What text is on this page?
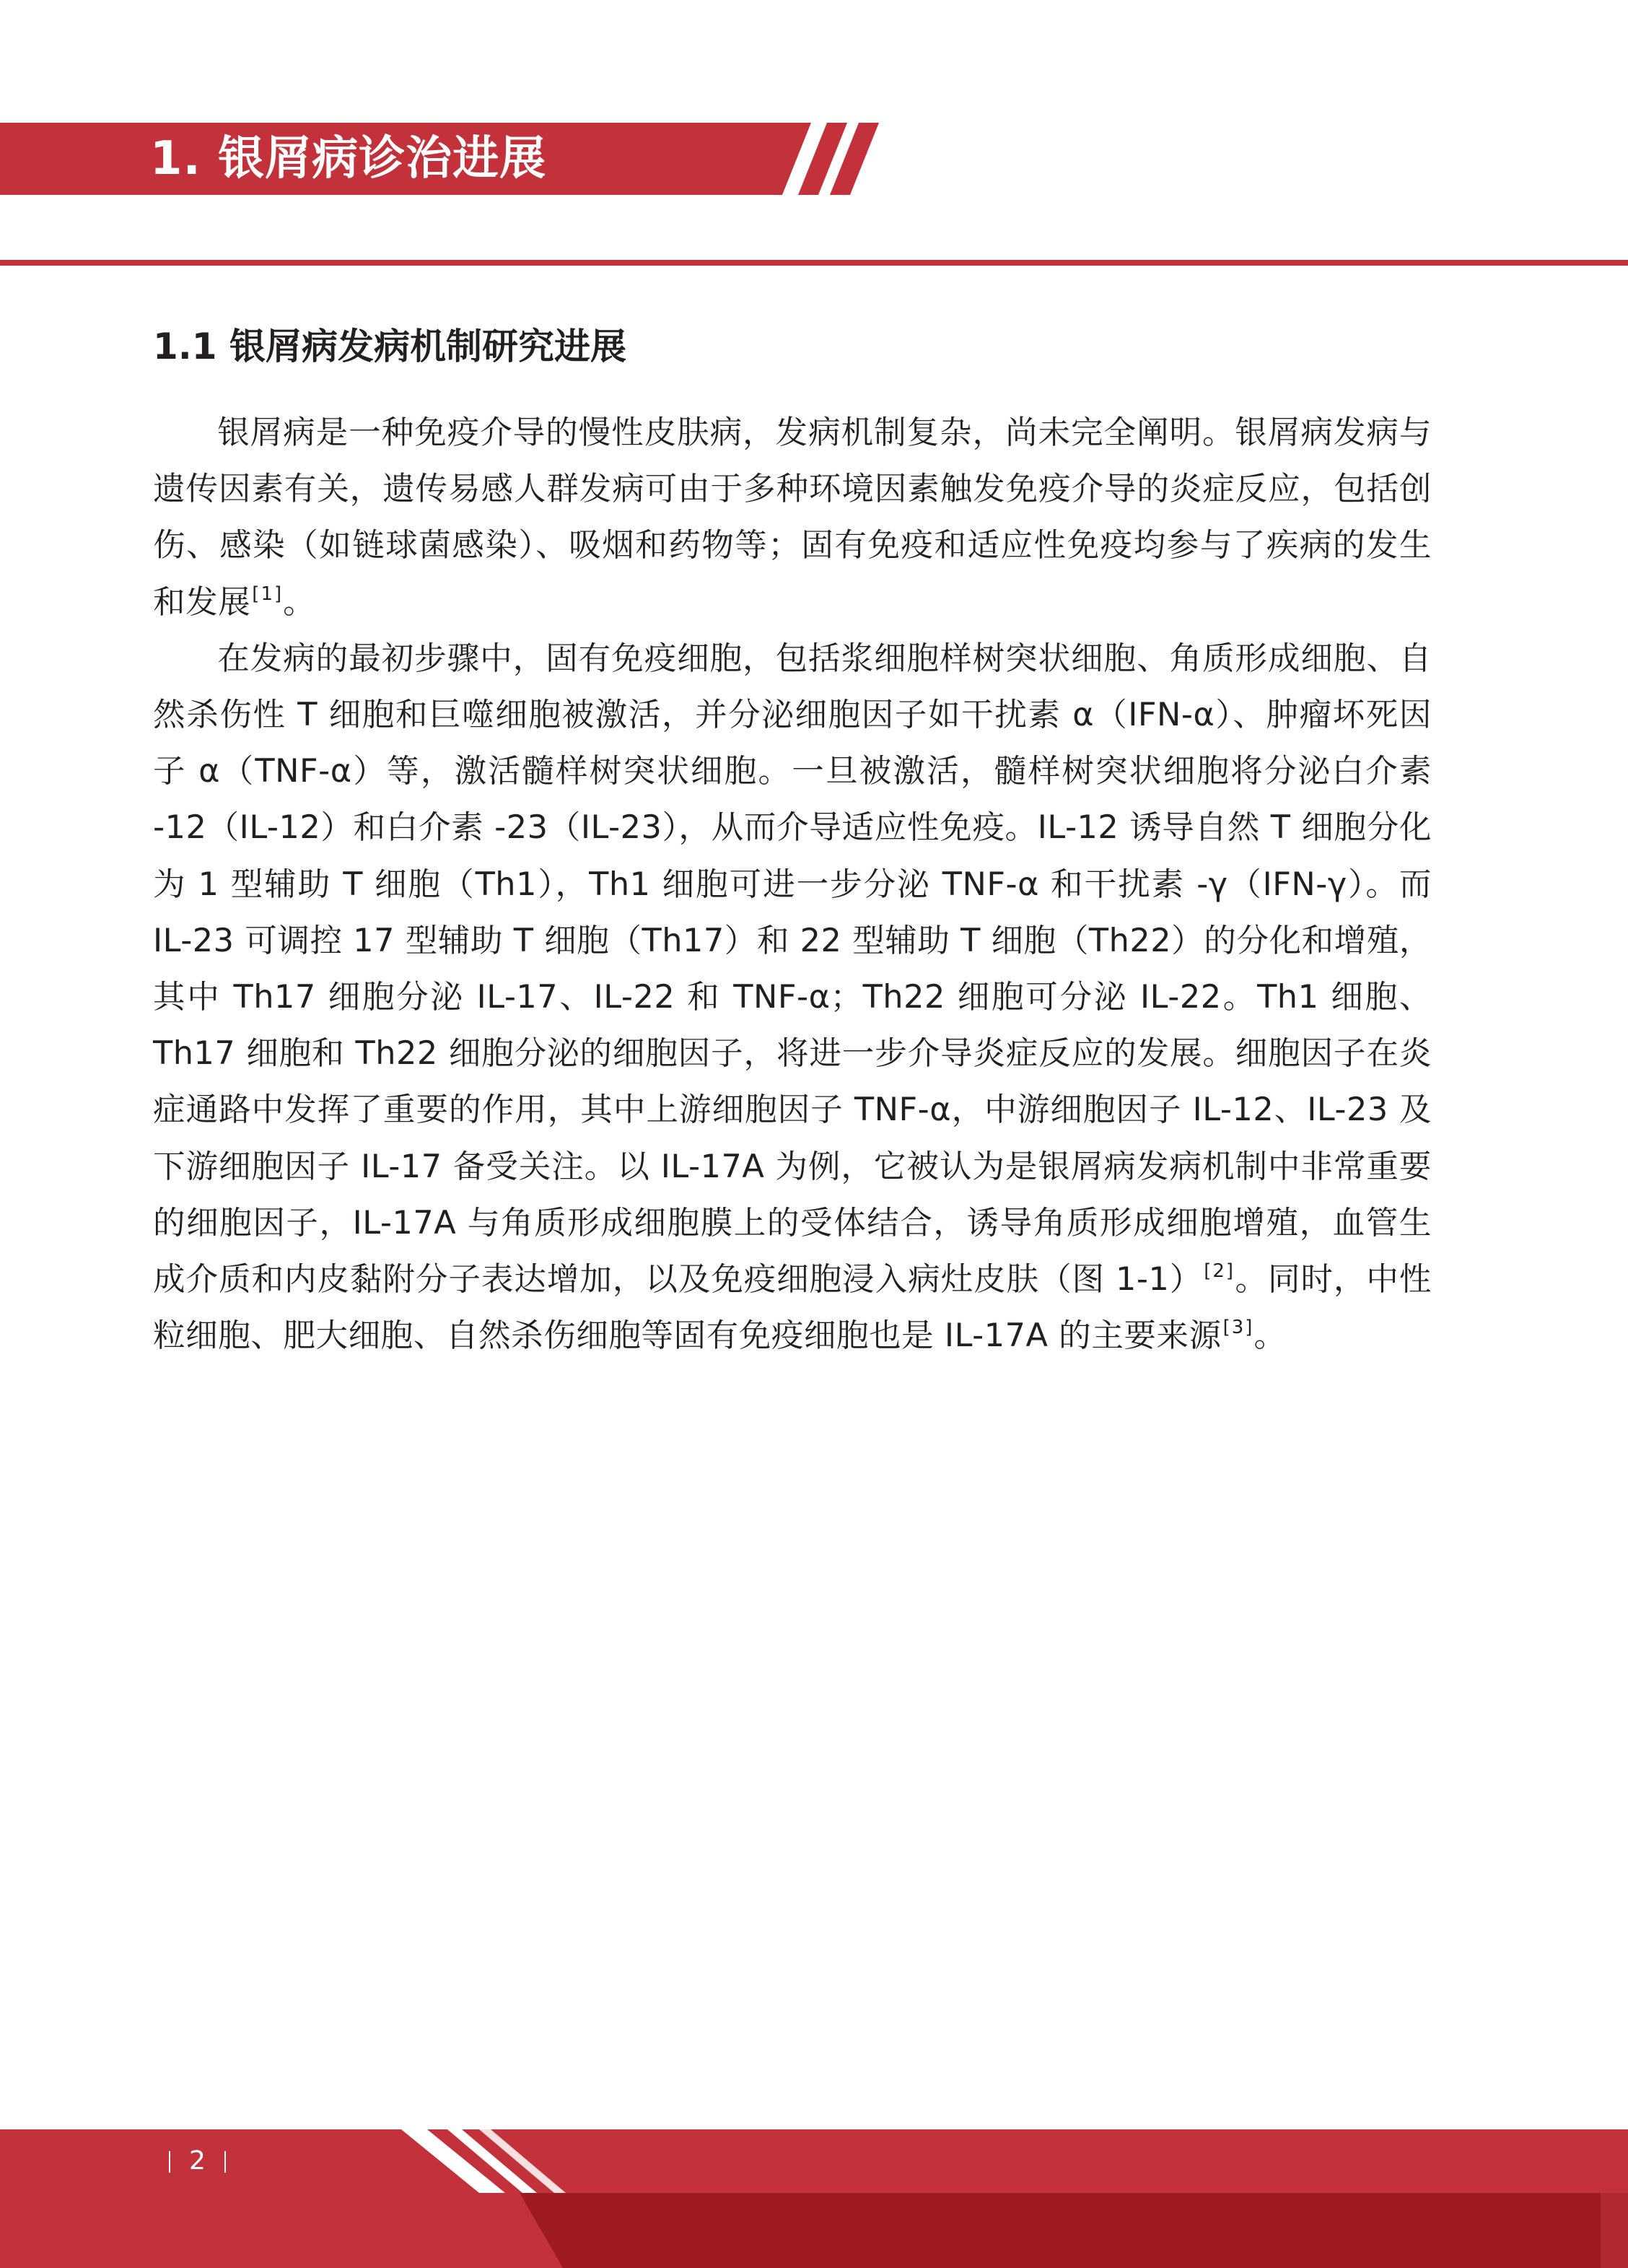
1. 银屑病诊治进展
1.1 银屑病发病机制研究进展

银屑病是一种免疫介导的慢性皮肤病，发病机制复杂，尚未完全阐明。银屑病发病与遗传因素有关，遗传易感人群发病可由于多种环境因素触发免疫介导的炎症反应，包括创伤、感染（如链球菌感染）、吸烟和药物等；固有免疫和适应性免疫均参与了疾病的发生和发展[1]。

在发病的最初步骤中，固有免疫细胞，包括浆细胞样树突状细胞、角质形成细胞、自然杀伤性 T 细胞和巨噬细胞被激活，并分泌细胞因子如干扰素 α（IFN-α）、肿瘤坏死因子 α（TNF-α）等，激活髓样树突状细胞。一旦被激活，髓样树突状细胞将分泌白介素 -12（IL-12）和白介素 -23（IL-23），从而介导适应性免疫。IL-12 诱导自然 T 细胞分化为 1 型辅助 T 细胞（Th1），Th1 细胞可进一步分泌 TNF-α 和干扰素 -γ（IFN-γ）。而 IL-23 可调控 17 型辅助 T 细胞（Th17）和 22 型辅助 T 细胞（Th22）的分化和增殖，其中 Th17 细胞分泌 IL-17、IL-22 和 TNF-α；Th22 细胞可分泌 IL-22。Th1 细胞、Th17 细胞和 Th22 细胞分泌的细胞因子，将进一步介导炎症反应的发展。细胞因子在炎症通路中发挥了重要的作用，其中上游细胞因子 TNF-α，中游细胞因子 IL-12、IL-23 及下游细胞因子 IL-17 备受关注。以 IL-17A 为例，它被认为是银屑病发病机制中非常重要的细胞因子，IL-17A 与角质形成细胞膜上的受体结合，诱导角质形成细胞增殖，血管生成介质和内皮黏附分子表达增加，以及免疫细胞浸入病灶皮肤（图 1-1）[2]。同时，中性粒细胞、肥大细胞、自然杀伤细胞等固有免疫细胞也是 IL-17A 的主要来源[3]。

2
